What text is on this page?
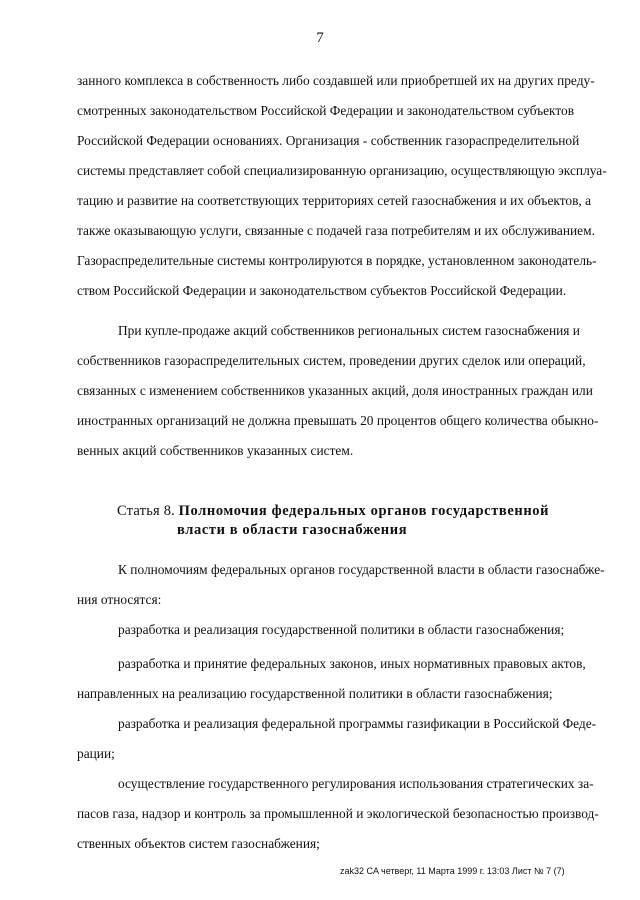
7
занного комплекса в собственность либо создавшей или приобретшей их на других преду-
смотренных законодательством Российской Федерации и законодательством субъектов
Российской Федерации основаниях. Организация - собственник газораспределительной
системы представляет собой специализированную организацию, осуществляющую эксплуа-
тацию и развитие на соответствующих территориях сетей газоснабжения и их объектов, а
также оказывающую услуги, связанные с подачей газа потребителям и их обслуживанием.
Газораспределительные системы контролируются в порядке, установленном законодатель-
ством Российской Федерации и законодательством субъектов Российской Федерации.
При купле-продаже акций собственников региональных систем газоснабжения и
собственников газораспределительных систем, проведении других сделок или операций,
связанных с изменением собственников указанных акций, доля иностранных граждан или
иностранных организаций не должна превышать 20 процентов общего количества обыкно-
венных акций собственников указанных систем.
Статья 8. Полномочия федеральных органов государственной
власти в области газоснабжения
К полномочиям федеральных органов государственной власти в области газоснабже-
ния относятся:
разработка и реализация государственной политики в области газоснабжения;
разработка и принятие федеральных законов, иных нормативных правовых актов,
направленных на реализацию государственной политики в области газоснабжения;
разработка и реализация федеральной программы газификации в Российской Феде-
рации;
осуществление государственного регулирования использования стратегических за-
пасов газа, надзор и контроль за промышленной и экологической безопасностью производ-
ственных объектов систем газоснабжения;
zak32 CA четверг, 11 Марта 1999 г. 13:03 Лист № 7 (7)
